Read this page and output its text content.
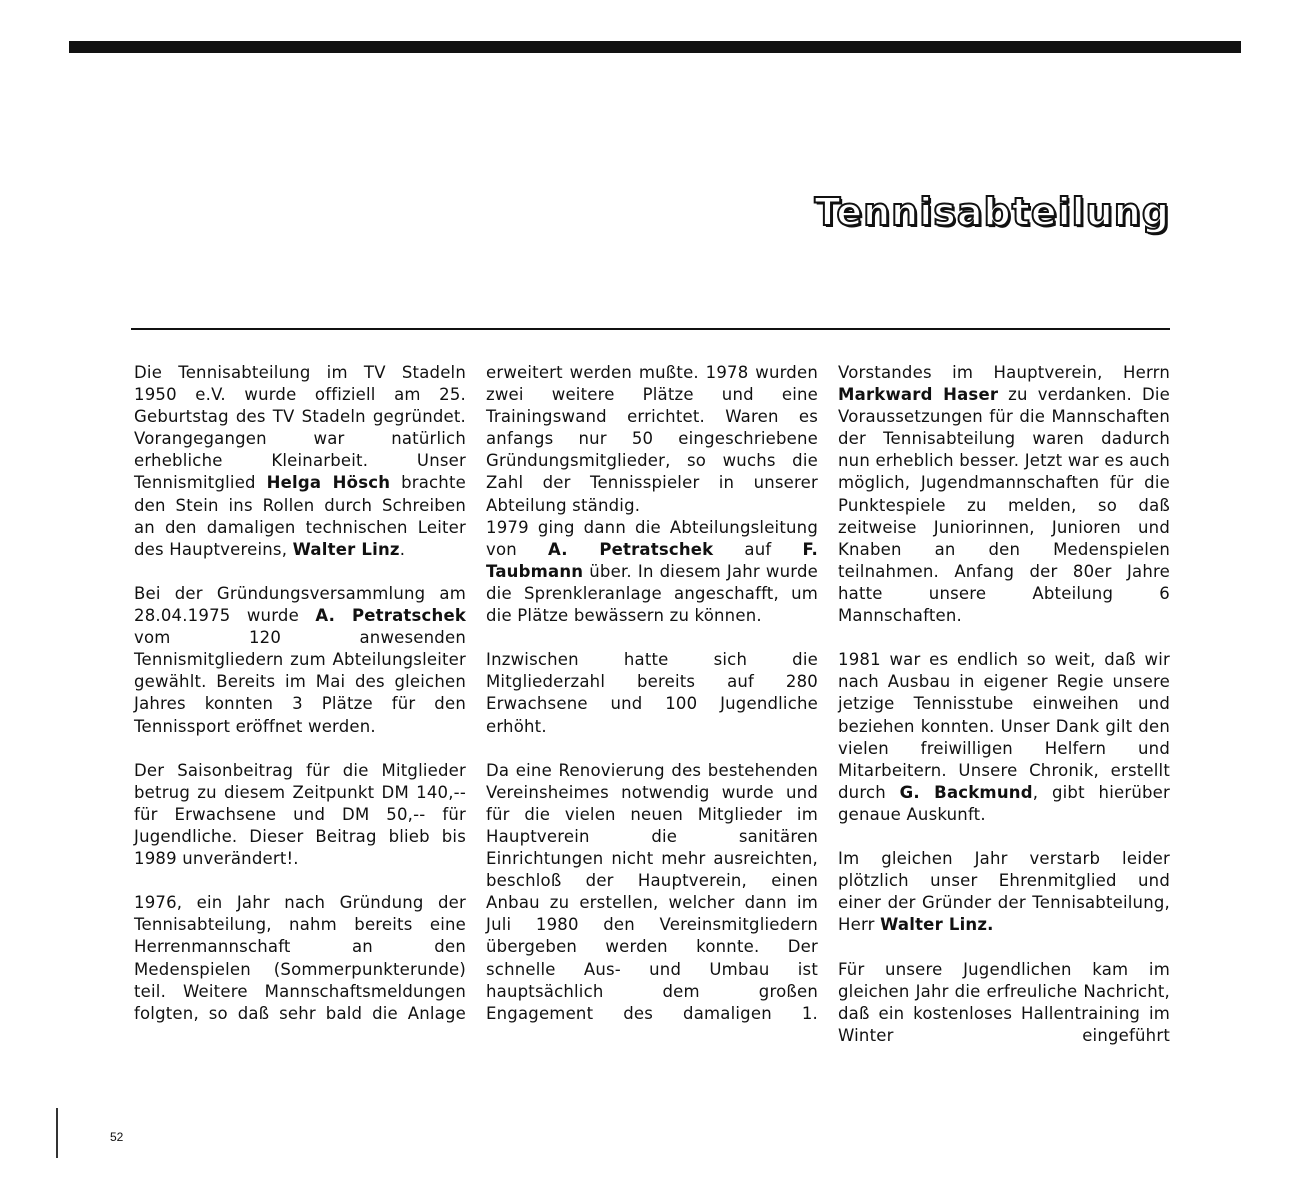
Tennisabteilung

Die Tennisabteilung im TV Stadeln 1950 e.V. wurde offiziell am 25. Geburtstag des TV Stadeln gegründet. Vorangegangen war natürlich erhebliche Kleinarbeit. Unser Tennismitglied Helga Hösch brachte den Stein ins Rollen durch Schreiben an den damaligen technischen Leiter des Hauptvereins, Walter Linz.

Bei der Gründungsversammlung am 28.04.1975 wurde A. Petratschek vom 120 anwesenden Tennismitgliedern zum Abteilungsleiter gewählt. Bereits im Mai des gleichen Jahres konnten 3 Plätze für den Tennissport eröffnet werden.

Der Saisonbeitrag für die Mitglieder betrug zu diesem Zeitpunkt DM 140,-- für Erwachsene und DM 50,-- für Jugendliche. Dieser Beitrag blieb bis 1989 unverändert!.

1976, ein Jahr nach Gründung der Tennisabteilung, nahm bereits eine Herrenmannschaft an den Medenspielen (Sommerpunkterunde) teil. Weitere Mannschaftsmeldungen folgten, so daß sehr bald die Anlage

erweitert werden mußte. 1978 wurden zwei weitere Plätze und eine Trainingswand errichtet. Waren es anfangs nur 50 eingeschriebene Gründungsmitglieder, so wuchs die Zahl der Tennisspieler in unserer Abteilung ständig.

1979 ging dann die Abteilungsleitung von A. Petratschek auf F. Taubmann über. In diesem Jahr wurde die Sprenkleranlage angeschafft, um die Plätze bewässern zu können.

Inzwischen hatte sich die Mitgliederzahl bereits auf 280 Erwachsene und 100 Jugendliche erhöht.

Da eine Renovierung des bestehenden Vereinsheimes notwendig wurde und für die vielen neuen Mitglieder im Hauptverein die sanitären Einrichtungen nicht mehr ausreichten, beschloß der Hauptverein, einen Anbau zu erstellen, welcher dann im Juli 1980 den Vereinsmitgliedern übergeben werden konnte. Der schnelle Aus- und Umbau ist hauptsächlich dem großen Engagement des damaligen 1.

Vorstandes im Hauptverein, Herrn Markward Haser zu verdanken. Die Voraussetzungen für die Mannschaften der Tennisabteilung waren dadurch nun erheblich besser. Jetzt war es auch möglich, Jugendmannschaften für die Punktespiele zu melden, so daß zeitweise Juniorinnen, Junioren und Knaben an den Medenspielen teilnahmen. Anfang der 80er Jahre hatte unsere Abteilung 6 Mannschaften.

1981 war es endlich so weit, daß wir nach Ausbau in eigener Regie unsere jetzige Tennisstube einweihen und beziehen konnten. Unser Dank gilt den vielen freiwilligen Helfern und Mitarbeitern. Unsere Chronik, erstellt durch G. Backmund, gibt hierüber genaue Auskunft.

Im gleichen Jahr verstarb leider plötzlich unser Ehrenmitglied und einer der Gründer der Tennisabteilung, Herr Walter Linz.

Für unsere Jugendlichen kam im gleichen Jahr die erfreuliche Nachricht, daß ein kostenloses Hallentraining im Winter eingeführt

52
